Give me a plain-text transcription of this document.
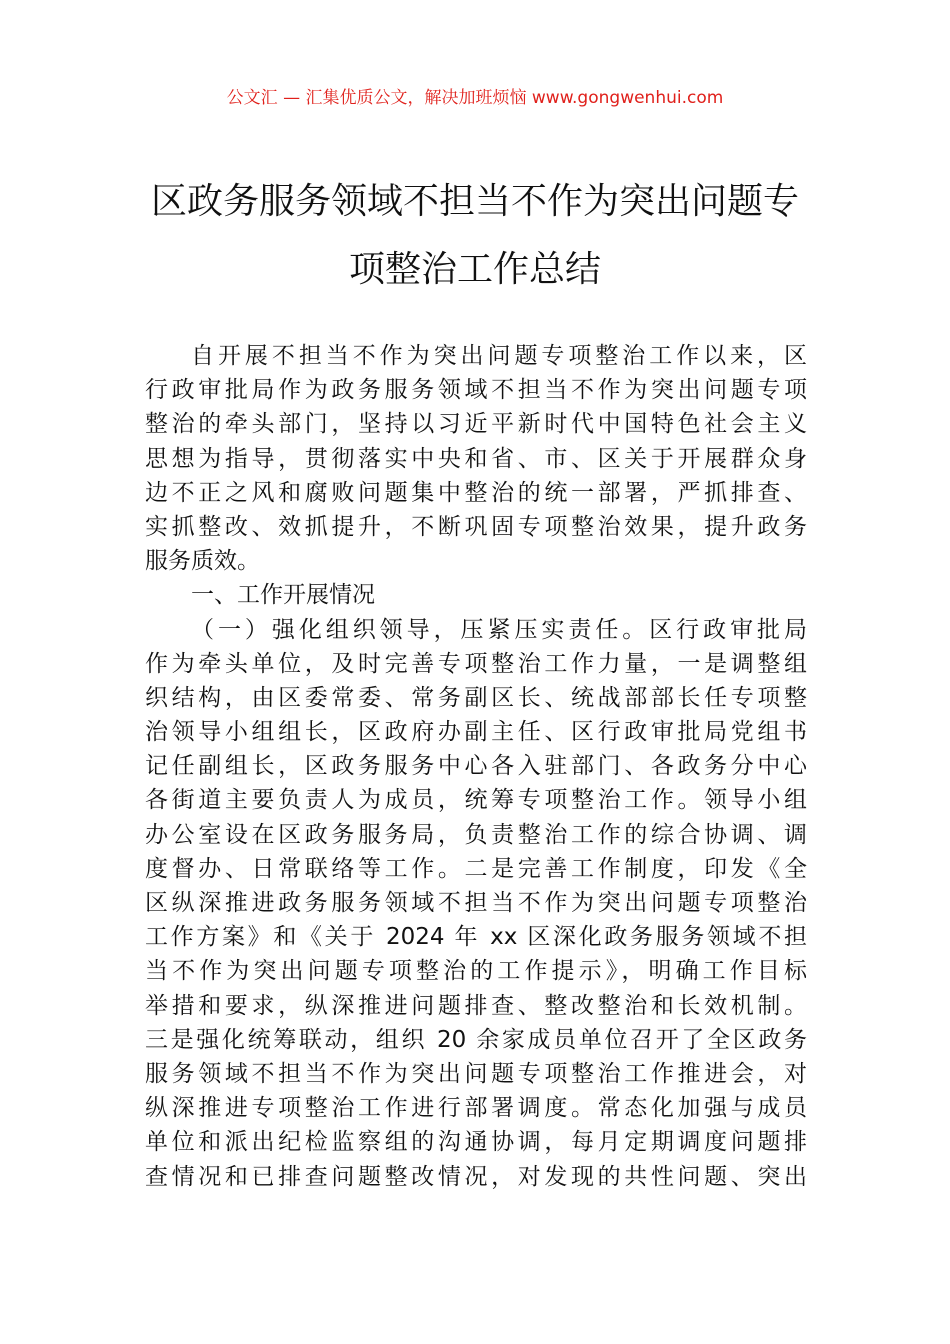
公文汇 — 汇集优质公文，解决加班烦恼 www.gongwenhui.com
区政务服务领域不担当不作为突出问题专
项整治工作总结
自开展不担当不作为突出问题专项整治工作以来，区
行政审批局作为政务服务领域不担当不作为突出问题专项
整治的牵头部门，坚持以习近平新时代中国特色社会主义
思想为指导，贯彻落实中央和省、市、区关于开展群众身
边不正之风和腐败问题集中整治的统一部署，严抓排查、
实抓整改、效抓提升，不断巩固专项整治效果，提升政务
服务质效。
一、工作开展情况
（一）强化组织领导，压紧压实责任。区行政审批局
作为牵头单位，及时完善专项整治工作力量，一是调整组
织结构，由区委常委、常务副区长、统战部部长任专项整
治领导小组组长，区政府办副主任、区行政审批局党组书
记任副组长，区政务服务中心各入驻部门、各政务分中心
各街道主要负责人为成员，统筹专项整治工作。领导小组
办公室设在区政务服务局，负责整治工作的综合协调、调
度督办、日常联络等工作。二是完善工作制度，印发《全
区纵深推进政务服务领域不担当不作为突出问题专项整治
工作方案》和《关于 2024 年 xx 区深化政务服务领域不担
当不作为突出问题专项整治的工作提示》，明确工作目标
举措和要求，纵深推进问题排查、整改整治和长效机制。
三是强化统筹联动，组织 20 余家成员单位召开了全区政务
服务领域不担当不作为突出问题专项整治工作推进会，对
纵深推进专项整治工作进行部署调度。常态化加强与成员
单位和派出纪检监察组的沟通协调，每月定期调度问题排
查情况和已排查问题整改情况，对发现的共性问题、突出
